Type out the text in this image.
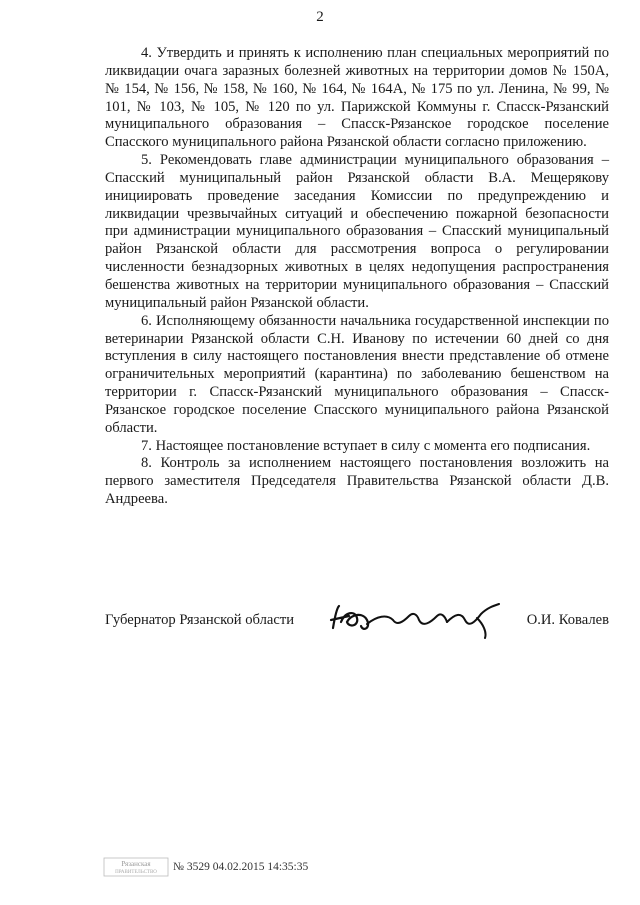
2

4. Утвердить и принять к исполнению план специальных мероприятий по ликвидации очага заразных болезней животных на территории домов № 150А, № 154, № 156, № 158, № 160, № 164, № 164А, № 175 по ул. Ленина, № 99, № 101, № 103, № 105, № 120 по ул. Парижской Коммуны г. Спасск-Рязанский муниципального образования – Спасск-Рязанское городское поселение Спасского муниципального района Рязанской области согласно приложению.

5. Рекомендовать главе администрации муниципального образования – Спасский муниципальный район Рязанской области В.А. Мещерякову инициировать проведение заседания Комиссии по предупреждению и ликвидации чрезвычайных ситуаций и обеспечению пожарной безопасности при администрации муниципального образования – Спасский муниципальный район Рязанской области для рассмотрения вопроса о регулировании численности безнадзорных животных в целях недопущения распространения бешенства животных на территории муниципального образования – Спасский муниципальный район Рязанской области.

6. Исполняющему обязанности начальника государственной инспекции по ветеринарии Рязанской области С.Н. Иванову по истечении 60 дней со дня вступления в силу настоящего постановления внести представление об отмене ограничительных мероприятий (карантина) по заболеванию бешенством на территории г. Спасск-Рязанский муниципального образования – Спасск-Рязанское городское поселение Спасского муниципального района Рязанской области.

7. Настоящее постановление вступает в силу с момента его подписания.

8. Контроль за исполнением настоящего постановления возложить на первого заместителя Председателя Правительства Рязанской области Д.В. Андреева.

Губернатор Рязанской области	О.И. Ковалев
Рязанская
ПРАВИТЕЛЬСТВО № 3529 04.02.2015 14:35:35
